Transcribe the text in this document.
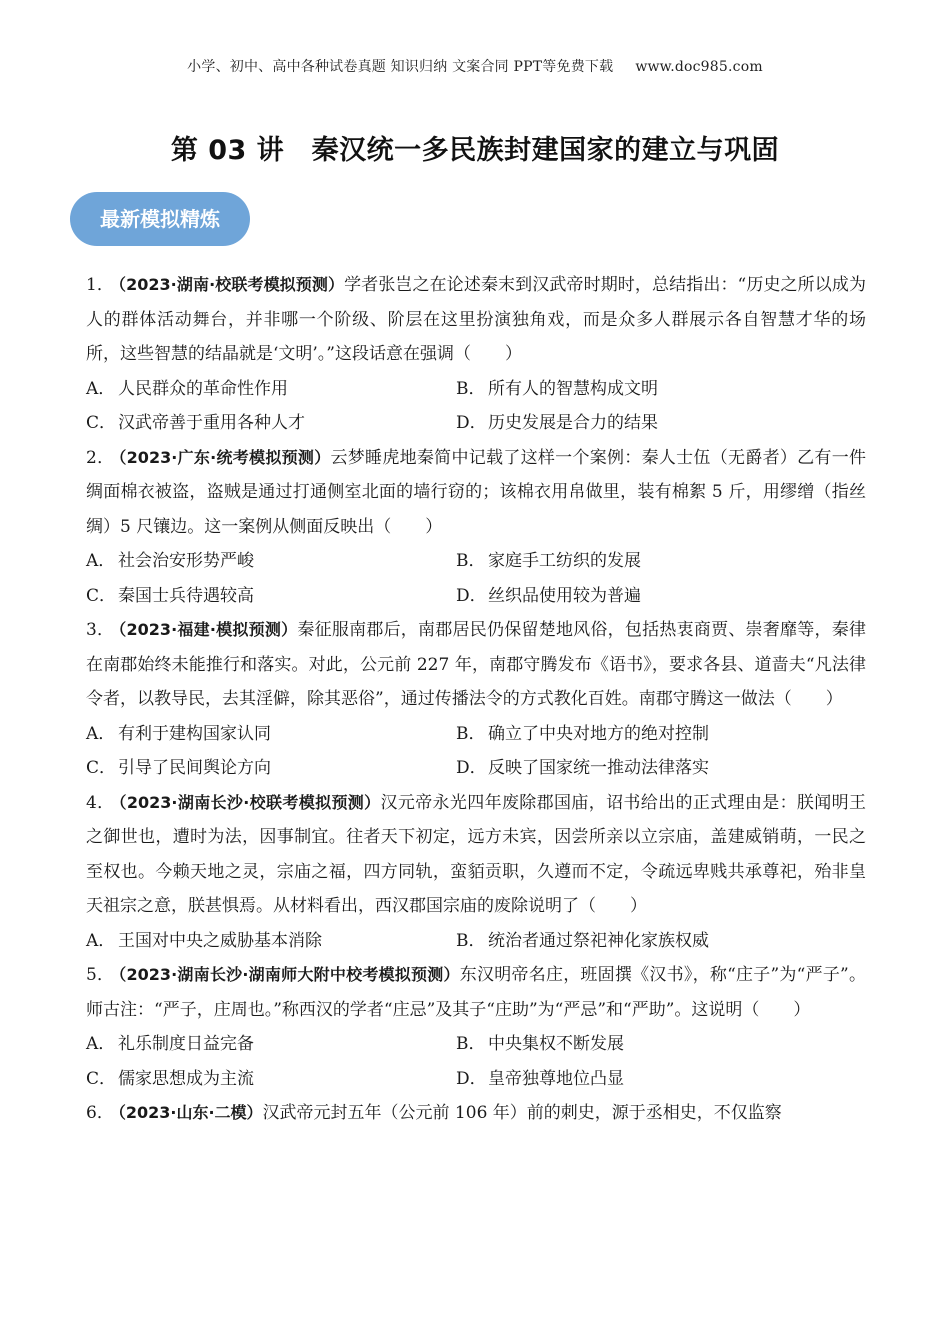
小学、初中、高中各种试卷真题 知识归纳 文案合同 PPT等免费下载 www.doc985.com
第 03 讲　秦汉统一多民族封建国家的建立与巩固
最新模拟精炼

1． （2023·湖南·校联考模拟预测）学者张岂之在论述秦末到汉武帝时期时，总结指出：“历史之所以成为人的群体活动舞台，并非哪一个阶级、阶层在这里扮演独角戏，而是众多人群展示各自智慧才华的场所，这些智慧的结晶就是‘文明’。”这段话意在强调（　　）

A． 人民群众的革命性作用	B． 所有人的智慧构成文明
C． 汉武帝善于重用各种人才	D．历史发展是合力的结果

2． （2023·广东·统考模拟预测）云梦睡虎地秦简中记载了这样一个案例：秦人士伍（无爵者）乙有一件绸面棉衣被盗，盗贼是通过打通侧室北面的墙行窃的；该棉衣用帛做里，装有棉絮 5 斤，用缪缯（指丝绸）5 尺镶边。这一案例从侧面反映出（　　）

A． 社会治安形势严峻	B． 家庭手工纺织的发展
C． 秦国士兵待遇较高	D．丝织品使用较为普遍

3． （2023·福建·模拟预测）秦征服南郡后，南郡居民仍保留楚地风俗，包括热衷商贾、崇奢靡等，秦律在南郡始终未能推行和落实。对此，公元前 227 年，南郡守腾发布《语书》，要求各县、道啬夫“凡法律令者，以教导民，去其淫僻，除其恶俗”，通过传播法令的方式教化百姓。南郡守腾这一做法（　　）

A． 有利于建构国家认同	B． 确立了中央对地方的绝对控制
C． 引导了民间舆论方向	D．反映了国家统一推动法律落实

4． （2023·湖南长沙·校联考模拟预测）汉元帝永光四年废除郡国庙，诏书给出的正式理由是：朕闻明王之御世也，遭时为法，因事制宜。往者天下初定，远方未宾，因尝所亲以立宗庙，盖建威销萌，一民之至权也。今赖天地之灵，宗庙之福，四方同轨，蛮貊贡职，久遵而不定，令疏远卑贱共承尊祀，殆非皇天祖宗之意，朕甚惧焉。从材料看出，西汉郡国宗庙的废除说明了（　　）

A． 王国对中央之威胁基本消除	B． 统治者通过祭祀神化家族权威

5． （2023·湖南长沙·湖南师大附中校考模拟预测）东汉明帝名庄，班固撰《汉书》，称“庄子”为“严子”。师古注：“严子，庄周也。”称西汉的学者“庄忌”及其子“庄助”为“严忌”和“严助”。这说明（　　）

A． 礼乐制度日益完备	B． 中央集权不断发展
C． 儒家思想成为主流	D．皇帝独尊地位凸显

6． （2023·山东·二模）汉武帝元封五年（公元前 106 年）前的刺史，源于丞相史，不仅监察
